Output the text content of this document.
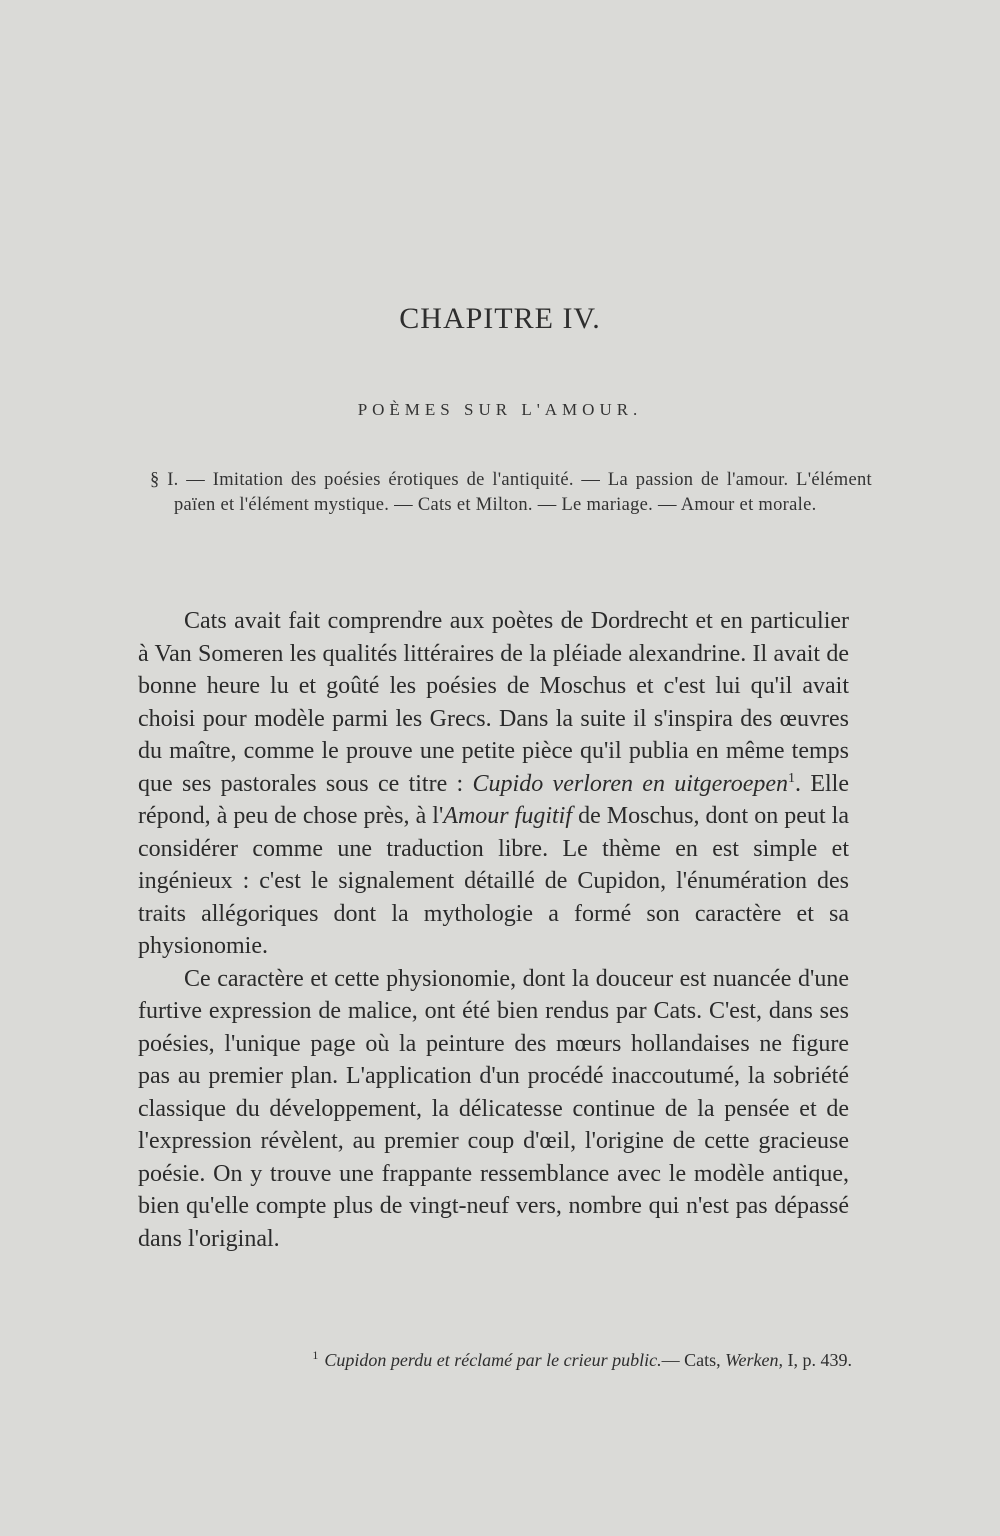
CHAPITRE IV.
POÈMES SUR L'AMOUR.
§ I. — Imitation des poésies érotiques de l'antiquité. — La passion de l'amour. L'élément païen et l'élément mystique. — Cats et Milton. — Le mariage. — Amour et morale.

Cats avait fait comprendre aux poètes de Dordrecht et en particulier à Van Someren les qualités littéraires de la pléiade alexandrine. Il avait de bonne heure lu et goûté les poésies de Moschus et c'est lui qu'il avait choisi pour modèle parmi les Grecs. Dans la suite il s'inspira des œuvres du maître, comme le prouve une petite pièce qu'il publia en même temps que ses pastorales sous ce titre : Cupido verloren en uitgeroepen$^1$. Elle répond, à peu de chose près, à l'Amour fugitif de Moschus, dont on peut la considérer comme une traduction libre. Le thème en est simple et ingénieux : c'est le signalement détaillé de Cupidon, l'énumération des traits allégoriques dont la mythologie a formé son caractère et sa physionomie.

Ce caractère et cette physionomie, dont la douceur est nuancée d'une furtive expression de malice, ont été bien rendus par Cats. C'est, dans ses poésies, l'unique page où la peinture des mœurs hollandaises ne figure pas au premier plan. L'application d'un procédé inaccoutumé, la sobriété classique du développement, la délicatesse continue de la pensée et de l'expression révèlent, au premier coup d'œil, l'origine de cette gracieuse poésie. On y trouve une frappante ressemblance avec le modèle antique, bien qu'elle compte plus de vingt-neuf vers, nombre qui n'est pas dépassé dans l'original.

$^1$ Cupidon perdu et réclamé par le crieur public.— Cats, Werken, I, p. 439.
